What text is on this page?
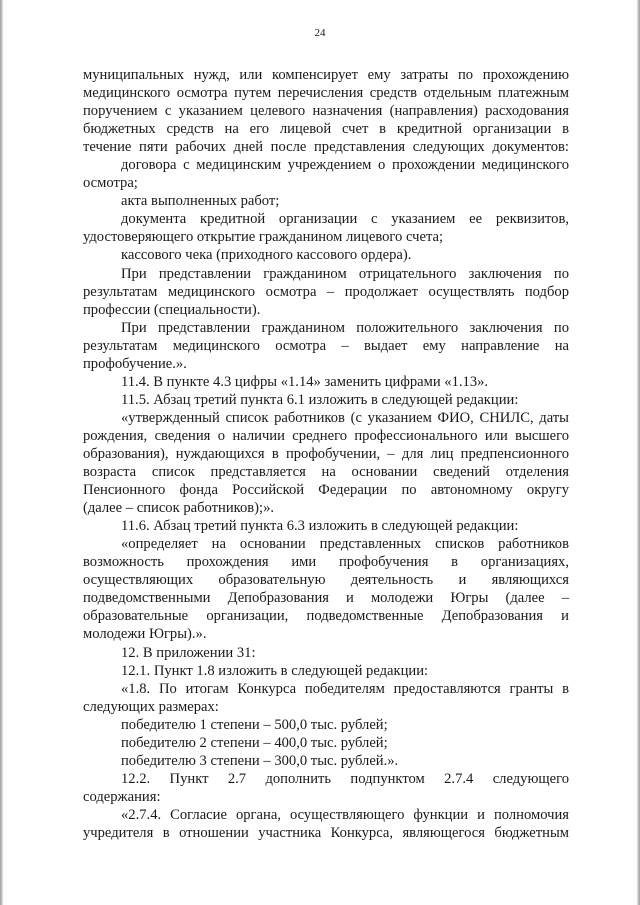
24
муниципальных нужд, или компенсирует ему затраты по прохождению
медицинского осмотра путем перечисления средств отдельным платежным
поручением с указанием целевого назначения (направления) расходования
бюджетных средств на его лицевой счет в кредитной организации в
течение пяти рабочих дней после представления следующих документов:
договора с медицинским учреждением о прохождении медицинского
осмотра;
акта выполненных работ;
документа кредитной организации с указанием ее реквизитов,
удостоверяющего открытие гражданином лицевого счета;
кассового чека (приходного кассового ордера).
При представлении гражданином отрицательного заключения по
результатам медицинского осмотра – продолжает осуществлять подбор
профессии (специальности).
При представлении гражданином положительного заключения по
результатам медицинского осмотра – выдает ему направление на
профобучение.».
11.4. В пункте 4.3 цифры «1.14» заменить цифрами «1.13».
11.5. Абзац третий пункта 6.1 изложить в следующей редакции:
«утвержденный список работников (с указанием ФИО, СНИЛС, даты
рождения, сведения о наличии среднего профессионального или высшего
образования), нуждающихся в профобучении, – для лиц предпенсионного
возраста список представляется на основании сведений отделения
Пенсионного фонда Российской Федерации по автономному округу
(далее – список работников);».
11.6. Абзац третий пункта 6.3 изложить в следующей редакции:
«определяет на основании представленных списков работников
возможность прохождения ими профобучения в организациях,
осуществляющих образовательную деятельность и являющихся
подведомственными Депобразования и молодежи Югры (далее –
образовательные организации, подведомственные Депобразования и
молодежи Югры).».
12. В приложении 31:
12.1. Пункт 1.8 изложить в следующей редакции:
«1.8. По итогам Конкурса победителям предоставляются гранты в
следующих размерах:
победителю 1 степени – 500,0 тыс. рублей;
победителю 2 степени – 400,0 тыс. рублей;
победителю 3 степени – 300,0 тыс. рублей.».
12.2. Пункт 2.7 дополнить подпунктом 2.7.4 следующего
содержания:
«2.7.4. Согласие органа, осуществляющего функции и полномочия
учредителя в отношении участника Конкурса, являющегося бюджетным
